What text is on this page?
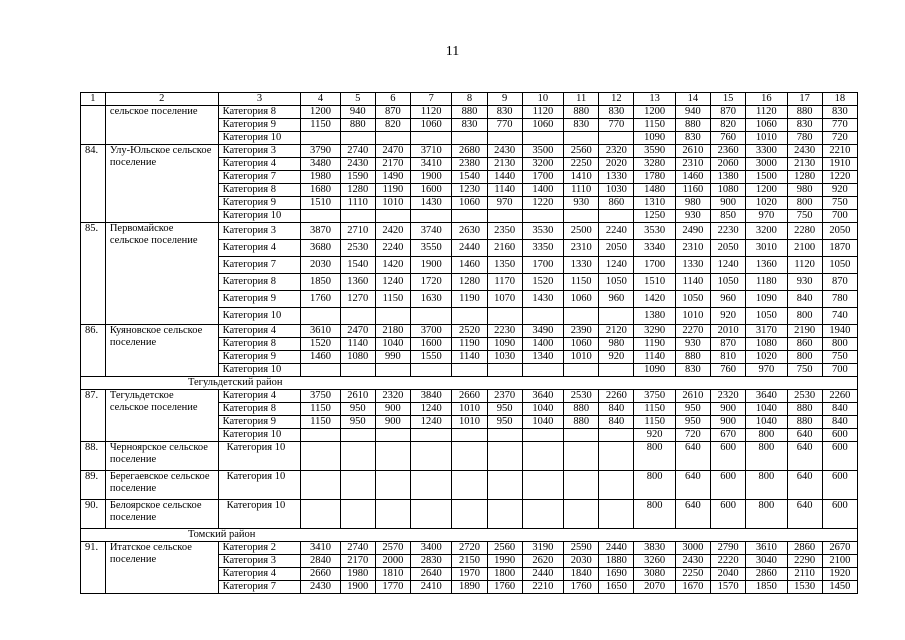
11
1	2	3	4	5	6	7	8	9	10	11	12	13	14	15	16	17	18
	сельское поселение	Категория 8	1200	940	870	1120	880	830	1120	880	830	1200	940	870	1120	880	830
		Категория 9	1150	880	820	1060	830	770	1060	830	770	1150	880	820	1060	830	770
		Категория 10										1090	830	760	1010	780	720
84.	Улу-Юльское сельское поселение	Категория 3	3790	2740	2470	3710	2680	2430	3500	2560	2320	3590	2610	2360	3300	2430	2210
		Категория 4	3480	2430	2170	3410	2380	2130	3200	2250	2020	3280	2310	2060	3000	2130	1910
		Категория 7	1980	1590	1490	1900	1540	1440	1700	1410	1330	1780	1460	1380	1500	1280	1220
		Категория 8	1680	1280	1190	1600	1230	1140	1400	1110	1030	1480	1160	1080	1200	980	920
		Категория 9	1510	1110	1010	1430	1060	970	1220	930	860	1310	980	900	1020	800	750
		Категория 10										1250	930	850	970	750	700
85.	Первомайское сельское поселение	Категория 3	3870	2710	2420	3740	2630	2350	3530	2500	2240	3530	2490	2230	3200	2280	2050
		Категория 4	3680	2530	2240	3550	2440	2160	3350	2310	2050	3340	2310	2050	3010	2100	1870
		Категория 7	2030	1540	1420	1900	1460	1350	1700	1330	1240	1700	1330	1240	1360	1120	1050
		Категория 8	1850	1360	1240	1720	1280	1170	1520	1150	1050	1510	1140	1050	1180	930	870
		Категория 9	1760	1270	1150	1630	1190	1070	1430	1060	960	1420	1050	960	1090	840	780
		Категория 10										1380	1010	920	1050	800	740
86.	Куяновское сельское поселение	Категория 4	3610	2470	2180	3700	2520	2230	3490	2390	2120	3290	2270	2010	3170	2190	1940
		Категория 8	1520	1140	1040	1600	1190	1090	1400	1060	980	1190	930	870	1080	860	800
		Категория 9	1460	1080	990	1550	1140	1030	1340	1010	920	1140	880	810	1020	800	750
		Категория 10										1090	830	760	970	750	700
Тегульдетский район																	
87.	Тегульдетское сельское поселение	Категория 4	3750	2610	2320	3840	2660	2370	3640	2530	2260	3750	2610	2320	3640	2530	2260
		Категория 8	1150	950	900	1240	1010	950	1040	880	840	1150	950	900	1040	880	840
		Категория 9	1150	950	900	1240	1010	950	1040	880	840	1150	950	900	1040	880	840
		Категория 10										920	720	670	800	640	600
88.	Черноярское сельское поселение	Категория 10										800	640	600	800	640	600
89.	Берегаевское сельское поселение	Категория 10										800	640	600	800	640	600
90.	Белоярское сельское поселение	Категория 10										800	640	600	800	640	600
Томский район																	
91.	Итатское сельское поселение	Категория 2	3410	2740	2570	3400	2720	2560	3190	2590	2440	3830	3000	2790	3610	2860	2670
		Категория 3	2840	2170	2000	2830	2150	1990	2620	2030	1880	3260	2430	2220	3040	2290	2100
		Категория 4	2660	1980	1810	2640	1970	1800	2440	1840	1690	3080	2250	2040	2860	2110	1920
		Категория 7	2430	1900	1770	2410	1890	1760	2210	1760	1650	2070	1670	1570	1850	1530	1450
